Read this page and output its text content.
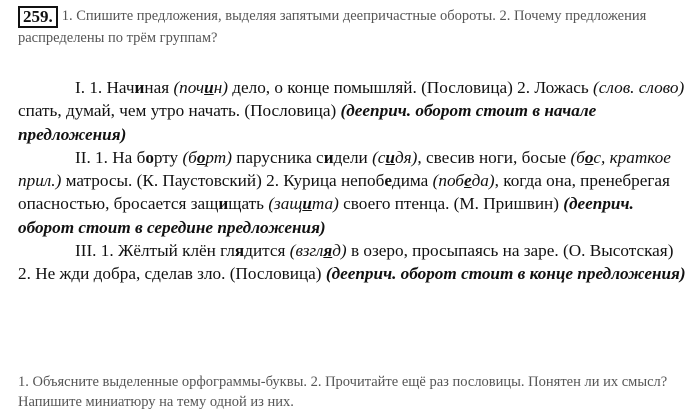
259. 1. Спишите предложения, выделяя запятыми деепричастные обороты. 2. Почему предложения распределены по трём группам?

I. 1. Начиная (почин) дело, о конце помышляй. (Пословица) 2. Ложась (слов. слово) спать, думай, чем утро начать. (Пословица) (дееприч. оборот стоит в начале предложения)

II. 1. На борту (борт) парусника сидели (сидя), свесив ноги, босые (бос, краткое прил.) матросы. (К. Паустовский) 2. Курица непобедима (победа), когда она, пренебрегая опасностью, бросается защищать (защита) своего птенца. (М. Пришвин) (дееприч. оборот стоит в середине предложения)

III. 1. Жёлтый клён глядится (взгляд) в озеро, просыпаясь на заре. (О. Высотская) 2. Не жди добра, сделав зло. (Пословица) (дееприч. оборот стоит в конце предложения)

1. Объясните выделенные орфограммы-буквы. 2. Прочитайте ещё раз пословицы. Понятен ли их смысл? Напишите миниатюру на тему одной из них.
